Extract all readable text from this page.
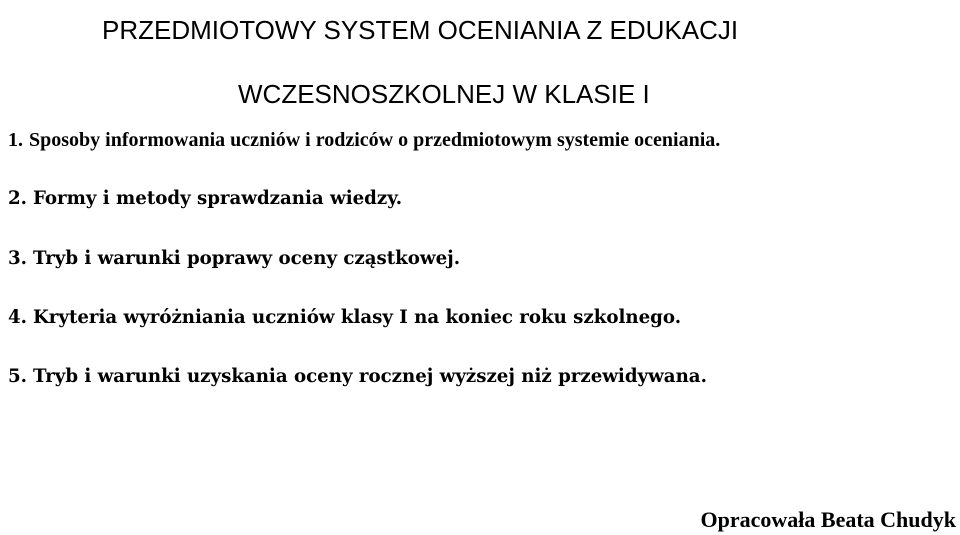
PRZEDMIOTOWY SYSTEM OCENIANIA Z EDUKACJI
WCZESNOSZKOLNEJ W KLASIE I
1. Sposoby informowania uczniów i rodziców o przedmiotowym systemie oceniania.
2. Formy i metody sprawdzania wiedzy.
3. Tryb i warunki poprawy oceny cząstkowej.
4. Kryteria wyróżniania uczniów klasy I na koniec roku szkolnego.
5. Tryb i warunki uzyskania oceny rocznej wyższej niż przewidywana.
Opracowała Beata Chudyk
